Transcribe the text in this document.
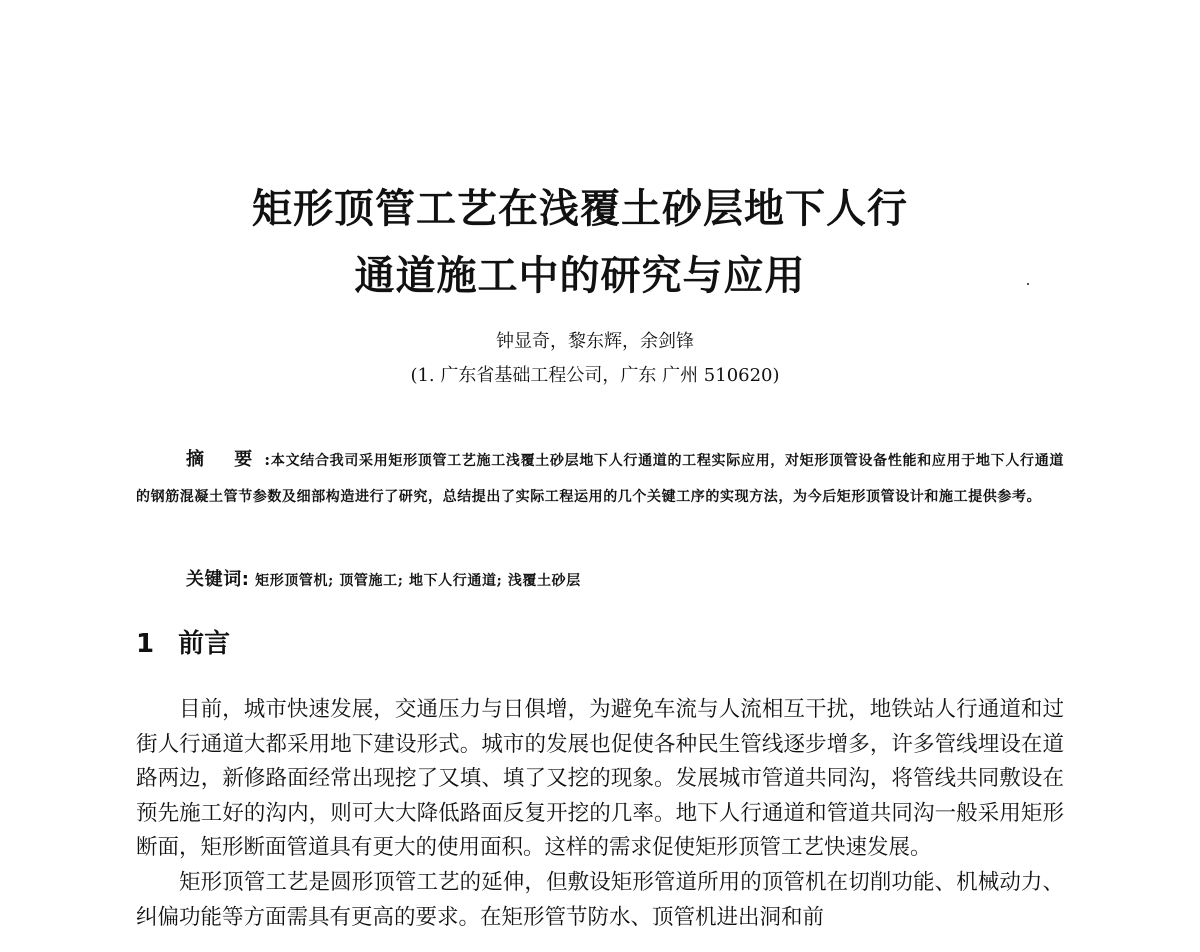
矩形顶管工艺在浅覆土砂层地下人行
通道施工中的研究与应用
钟显奇，黎东辉，余剑锋
(1. 广东省基础工程公司，广东 广州 510620)
摘 要:本文结合我司采用矩形顶管工艺施工浅覆土砂层地下人行通道的工程实际应用，对矩形顶管设备性能和应用于地下人行通道的钢筋混凝土管节参数及细部构造进行了研究，总结提出了实际工程运用的几个关键工序的实现方法，为今后矩形顶管设计和施工提供参考。
关键词: 矩形顶管机; 顶管施工; 地下人行通道; 浅覆土砂层
1 前言

目前，城市快速发展，交通压力与日俱增，为避免车流与人流相互干扰，地铁站人行通道和过街人行通道大都采用地下建设形式。城市的发展也促使各种民生管线逐步增多，许多管线埋设在道路两边，新修路面经常出现挖了又填、填了又挖的现象。发展城市管道共同沟，将管线共同敷设在预先施工好的沟内，则可大大降低路面反复开挖的几率。地下人行通道和管道共同沟一般采用矩形断面，矩形断面管道具有更大的使用面积。这样的需求促使矩形顶管工艺快速发展。

矩形顶管工艺是圆形顶管工艺的延伸，但敷设矩形管道所用的顶管机在切削功能、机械动力、纠偏功能等方面需具有更高的要求。在矩形管节防水、顶管机进出洞和前
